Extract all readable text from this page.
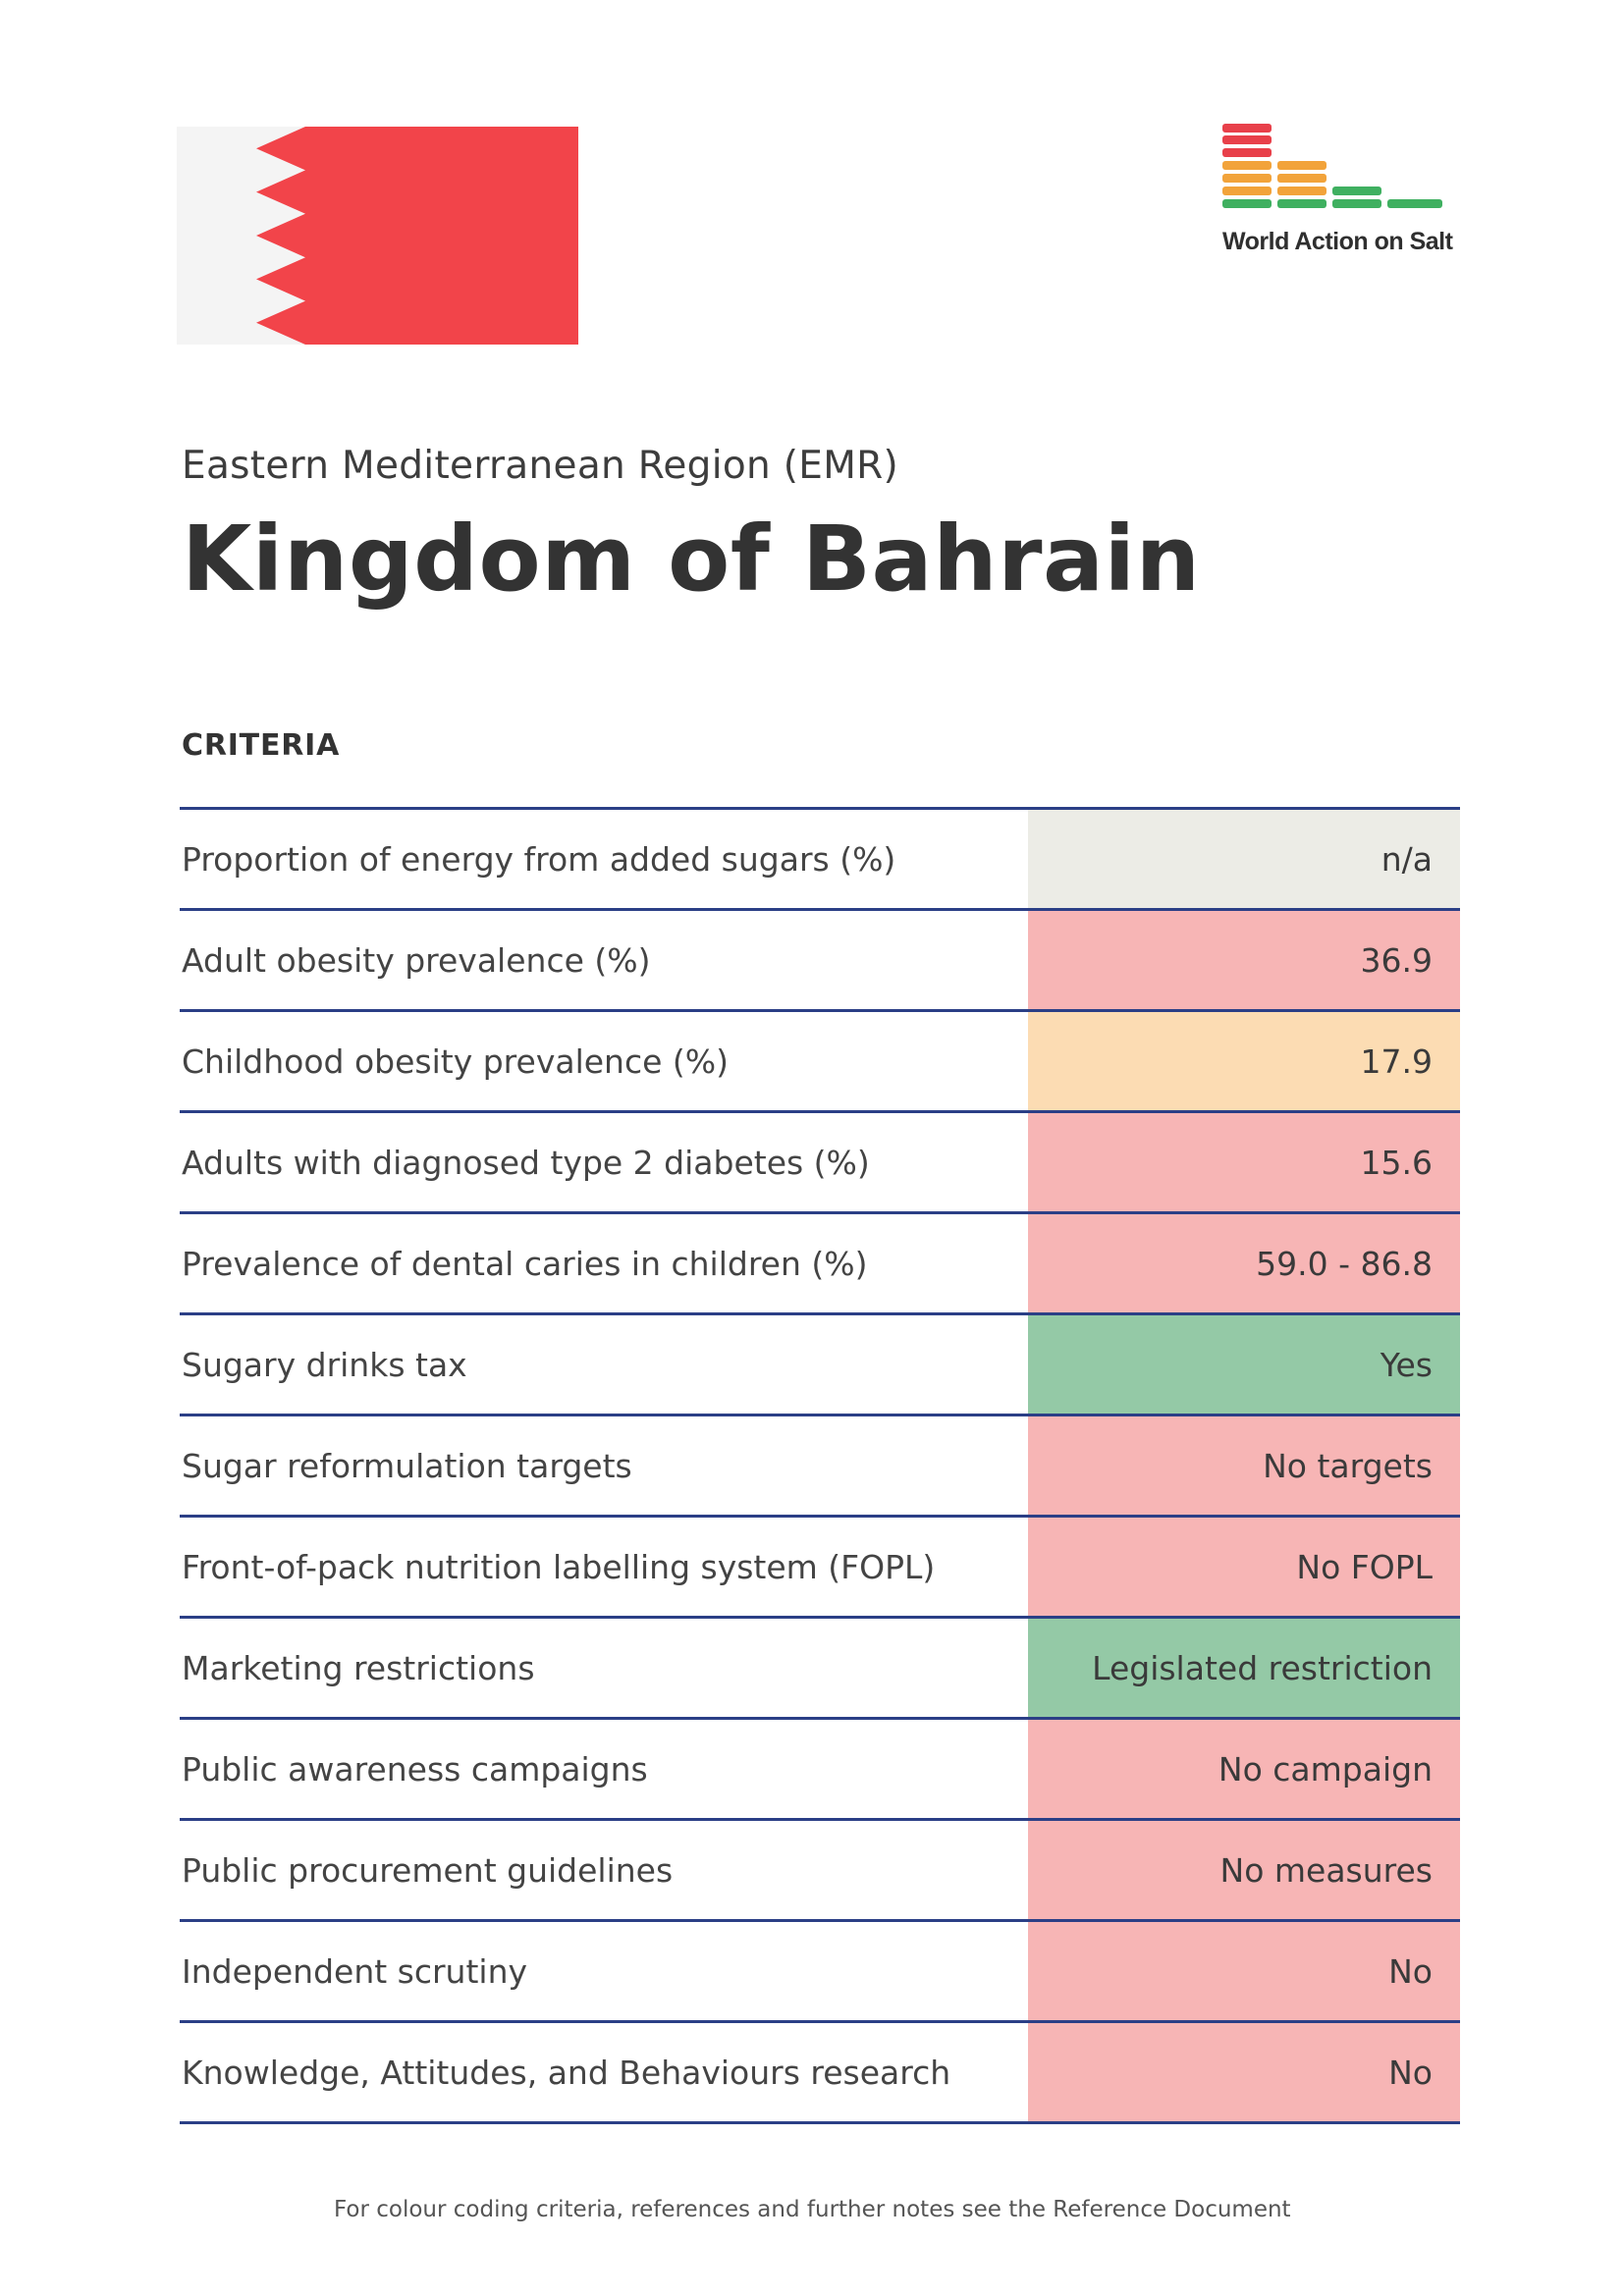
World Action on Salt
Eastern Mediterranean Region (EMR)
Kingdom of Bahrain
CRITERIA
Proportion of energy from added sugars (%)	n/a
Adult obesity prevalence (%)	36.9
Childhood obesity prevalence (%)	17.9
Adults with diagnosed type 2 diabetes (%)	15.6
Prevalence of dental caries in children (%)	59.0 - 86.8
Sugary drinks tax	Yes
Sugar reformulation targets	No targets
Front-of-pack nutrition labelling system (FOPL)	No FOPL
Marketing restrictions	Legislated restriction
Public awareness campaigns	No campaign
Public procurement guidelines	No measures
Independent scrutiny	No
Knowledge, Attitudes, and Behaviours research	No
For colour coding criteria, references and further notes see the Reference Document
